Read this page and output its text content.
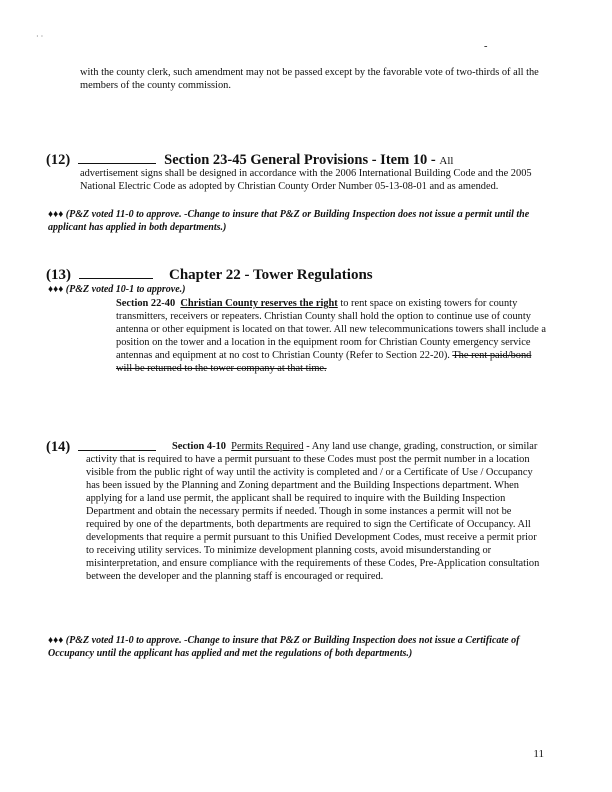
· ·
-

with the county clerk, such amendment may not be passed except by the favorable vote of two-thirds of all the members of the county commission.

(12)	Section 23-45 General Provisions - Item 10 - All

advertisement signs shall be designed in accordance with the 2006 International Building Code and the 2005 National Electric Code as adopted by Christian County Order Number 05-13-08-01 and as amended.

♦♦♦ (P&Z voted 11-0 to approve. -Change to insure that P&Z or Building Inspection does not issue a permit until the applicant has applied in both departments.)

(13)	Chapter 22 - Tower Regulations

♦♦♦ (P&Z voted 10-1 to approve.)

Section 22-40 Christian County reserves the right to rent space on existing towers for county transmitters, receivers or repeaters. Christian County shall hold the option to continue use of county antenna or other equipment is located on that tower. All new telecommunications towers shall include a position on the tower and a location in the equipment room for Christian County emergency service antennas and equipment at no cost to Christian County (Refer to Section 22-20). The rent paid/bond will be returned to the tower company at that time.

(14)	Section 4-10 Permits Required - Any land use change, grading, construction, or similar activity that is required to have a permit pursuant to these Codes must post the permit number in a location visible from the public right of way until the activity is completed and / or a Certificate of Use / Occupancy has been issued by the Planning and Zoning department and the Building Inspections department. When applying for a land use permit, the applicant shall be required to inquire with the Building Inspection Department and obtain the necessary permits if needed. Though in some instances a permit will not be required by one of the departments, both departments are required to sign the Certificate of Occupancy. All developments that require a permit pursuant to this Unified Development Codes, must receive a permit prior to receiving utility services. To minimize development planning costs, avoid misunderstanding or misinterpretation, and ensure compliance with the requirements of these Codes, Pre-Application consultation between the developer and the planning staff is encouraged or required.

♦♦♦ (P&Z voted 11-0 to approve. -Change to insure that P&Z or Building Inspection does not issue a Certificate of Occupancy until the applicant has applied and met the regulations of both departments.)

11
